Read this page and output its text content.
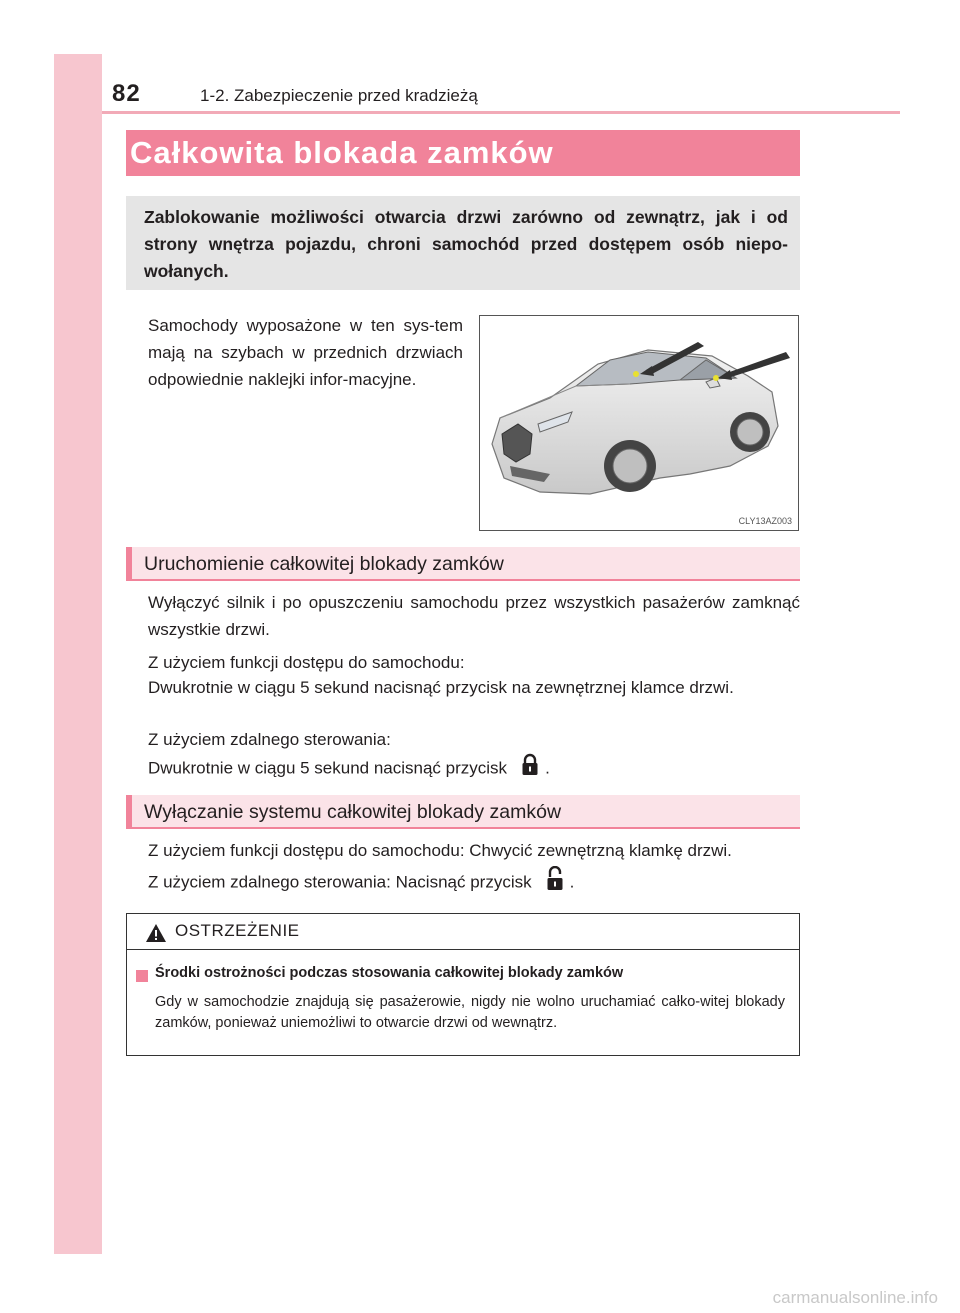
82	1-2. Zabezpieczenie przed kradzieżą
Całkowita blokada zamków
Zablokowanie możliwości otwarcia drzwi zarówno od zewnątrz, jak i od strony wnętrza pojazdu, chroni samochód przed dostępem osób niepo-wołanych.
Samochody wyposażone w ten sys-tem mają na szybach w przednich drzwiach odpowiednie naklejki infor-macyjne.
CLY13AZ003
Uruchomienie całkowitej blokady zamków
Wyłączyć silnik i po opuszczeniu samochodu przez wszystkich pasażerów zamknąć wszystkie drzwi.
Z użyciem funkcji dostępu do samochodu:
Dwukrotnie w ciągu 5 sekund nacisnąć przycisk na zewnętrznej klamce drzwi.
Z użyciem zdalnego sterowania:
Dwukrotnie w ciągu 5 sekund nacisnąć przycisk .
Wyłączanie systemu całkowitej blokady zamków
Z użyciem funkcji dostępu do samochodu: Chwycić zewnętrzną klamkę drzwi.
Z użyciem zdalnego sterowania: Nacisnąć przycisk .
OSTRZEŻENIE
Środki ostrożności podczas stosowania całkowitej blokady zamków
Gdy w samochodzie znajdują się pasażerowie, nigdy nie wolno uruchamiać całko-witej blokady zamków, ponieważ uniemożliwi to otwarcie drzwi od wewnątrz.
carmanualsonline.info
